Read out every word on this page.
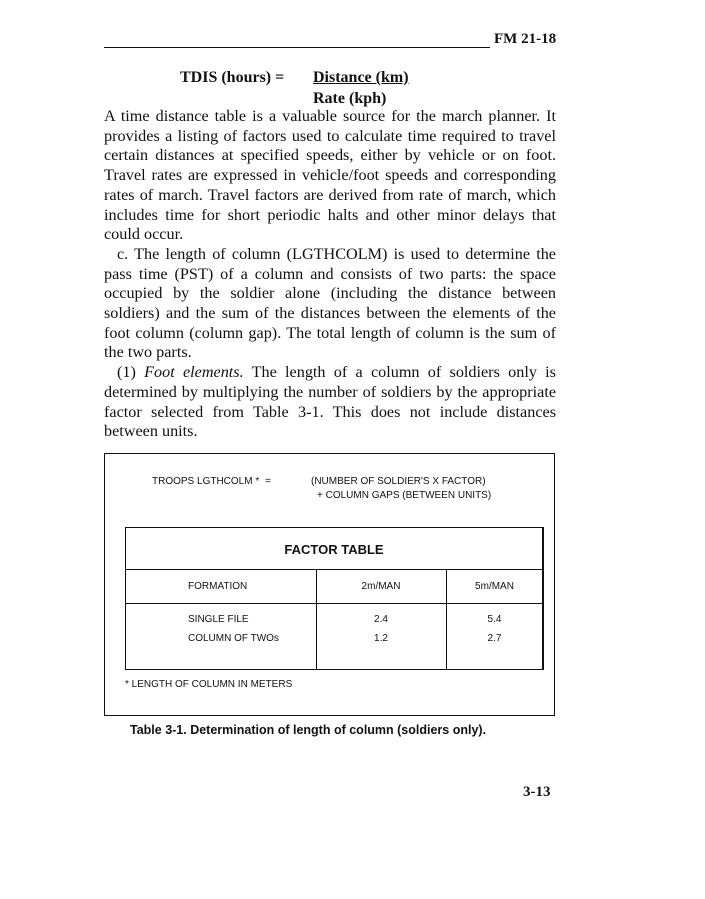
FM 21-18
TDIS (hours) =	Distance (km)
Rate (kph)

A time distance table is a valuable source for the march planner. It provides a listing of factors used to calculate time required to travel certain distances at specified speeds, either by vehicle or on foot. Travel rates are expressed in vehicle/foot speeds and corresponding rates of march. Travel factors are derived from rate of march, which includes time for short periodic halts and other minor delays that could occur.

c. The length of column (LGTHCOLM) is used to determine the pass time (PST) of a column and consists of two parts: the space occupied by the soldier alone (including the distance between soldiers) and the sum of the distances between the elements of the foot column (column gap). The total length of column is the sum of the two parts.

(1) Foot elements. The length of a column of soldiers only is determined by multiplying the number of soldiers by the appropriate factor selected from Table 3-1. This does not include distances between units.

TROOPS LGTHCOLM * =	(NUMBER OF SOLDIER'S X FACTOR)
+ COLUMN GAPS (BETWEEN UNITS)
FACTOR TABLE
FORMATION	2m/MAN	5m/MAN
SINGLE FILE	2.4	5.4
COLUMN OF TWOs	1.2	2.7
* LENGTH OF COLUMN IN METERS
Table 3-1. Determination of length of column (soldiers only).
3-13
